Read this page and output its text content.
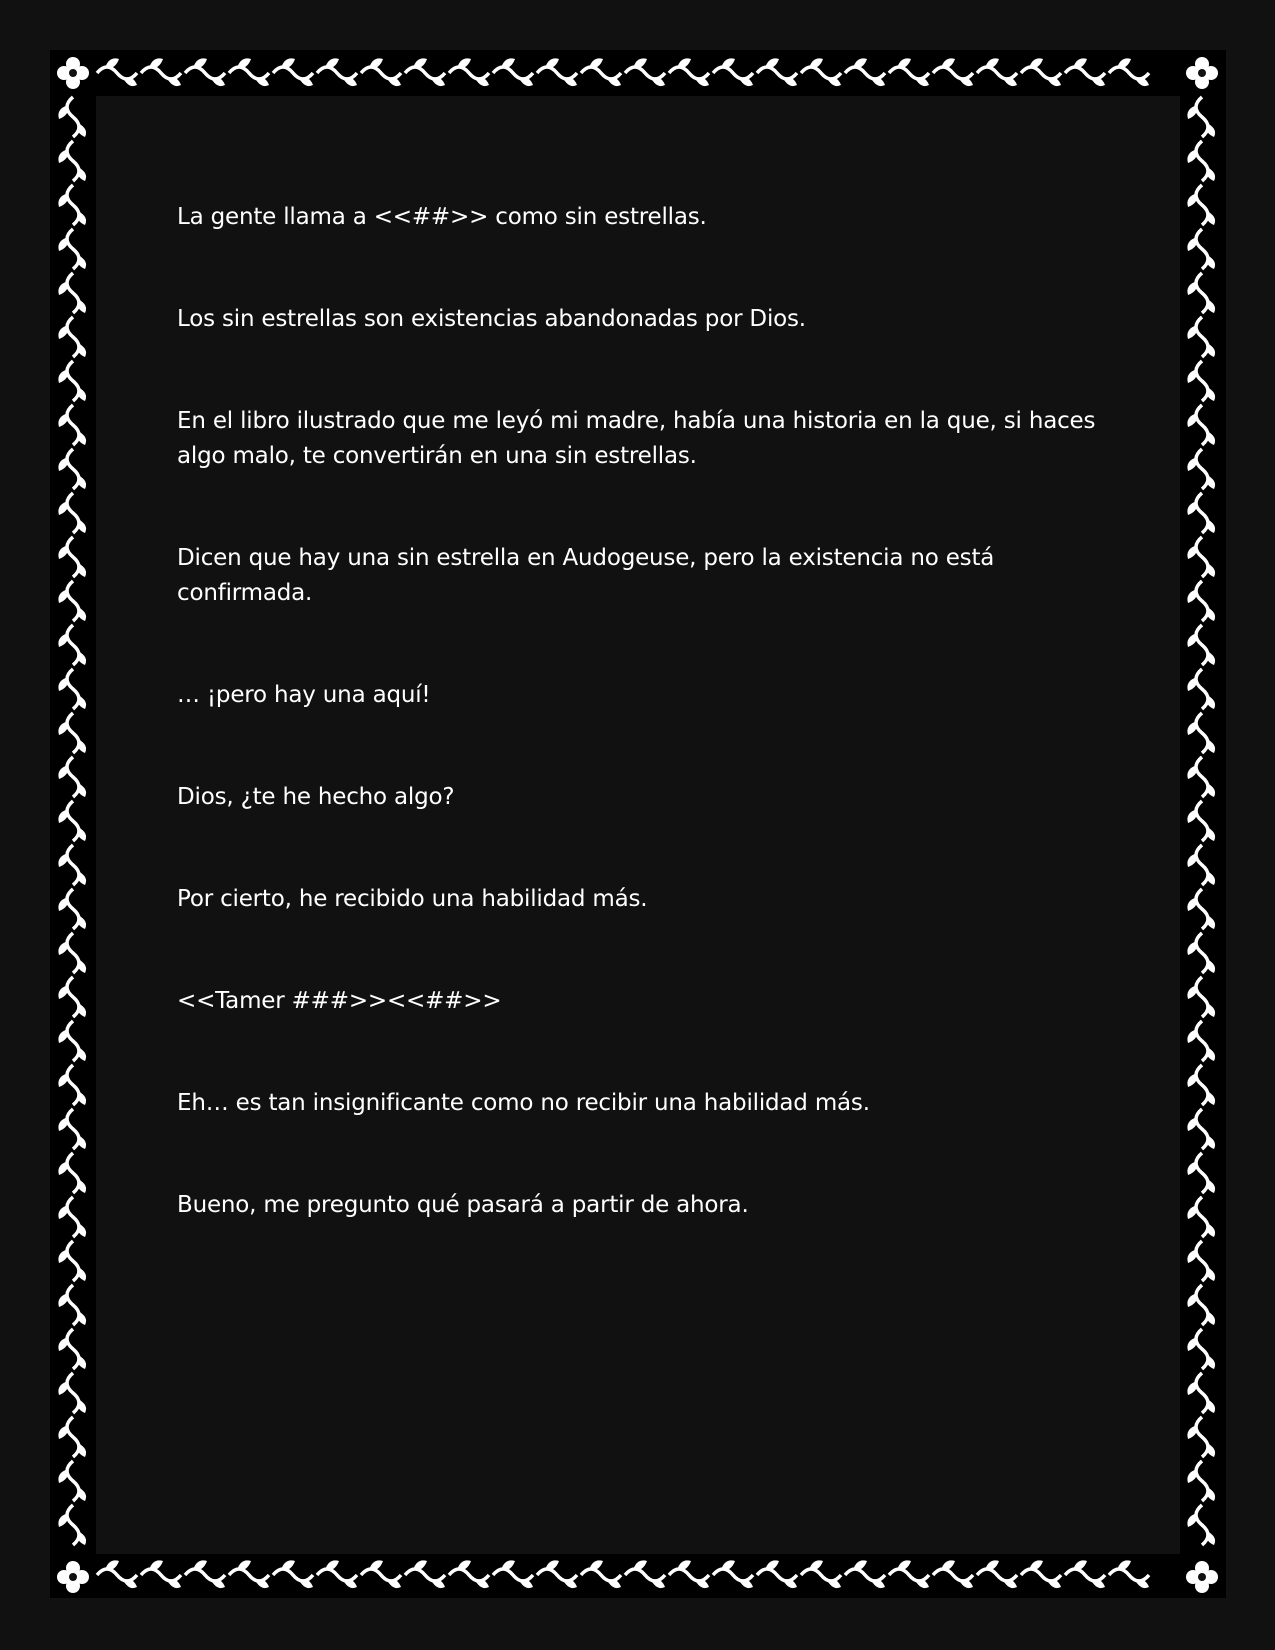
La gente llama a <<##>> como sin estrellas.

Los sin estrellas son existencias abandonadas por Dios.

En el libro ilustrado que me leyó mi madre, había una historia en la que, si haces algo malo, te convertirán en una sin estrellas.

Dicen que hay una sin estrella en Audogeuse, pero la existencia no está confirmada.

… ¡pero hay una aquí!

Dios, ¿te he hecho algo?

Por cierto, he recibido una habilidad más.

<<Tamer ###>><<##>>

Eh… es tan insignificante como no recibir una habilidad más.

Bueno, me pregunto qué pasará a partir de ahora.
